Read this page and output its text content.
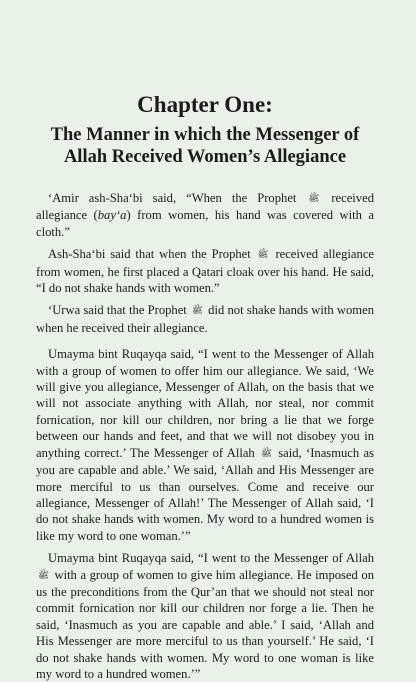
Chapter One:
The Manner in which the Messenger of
Allah Received Women’s Allegiance

‘Amir ash-Sha‘bi said, “When the Prophet ﷺ received allegiance (bay‘a) from women, his hand was covered with a cloth.”

Ash-Sha‘bi said that when the Prophet ﷺ received allegiance from women, he first placed a Qatari cloak over his hand. He said, “I do not shake hands with women.”

‘Urwa said that the Prophet ﷺ did not shake hands with women when he received their allegiance.

Umayma bint Ruqayqa said, “I went to the Messenger of Allah with a group of women to offer him our allegiance. We said, ‘We will give you allegiance, Messenger of Allah, on the basis that we will not associate anything with Allah, nor steal, nor commit fornication, nor kill our children, nor bring a lie that we forge between our hands and feet, and that we will not disobey you in anything correct.’ The Messenger of Allah ﷺ said, ‘Inasmuch as you are capable and able.’ We said, ‘Allah and His Messenger are more merciful to us than ourselves. Come and receive our allegiance, Messenger of Allah!’ The Messenger of Allah said, ‘I do not shake hands with women. My word to a hundred women is like my word to one woman.’”

Umayma bint Ruqayqa said, “I went to the Messenger of Allah ﷺ with a group of women to give him allegiance. He imposed on us the preconditions from the Qur’an that we should not steal nor commit fornication nor kill our children nor forge a lie. Then he said, ‘Inasmuch as you are capable and able.’ I said, ‘Allah and His Messenger are more merciful to us than yourself.’ He said, ‘I do not shake hands with women. My word to one woman is like my word to a hundred women.’”
